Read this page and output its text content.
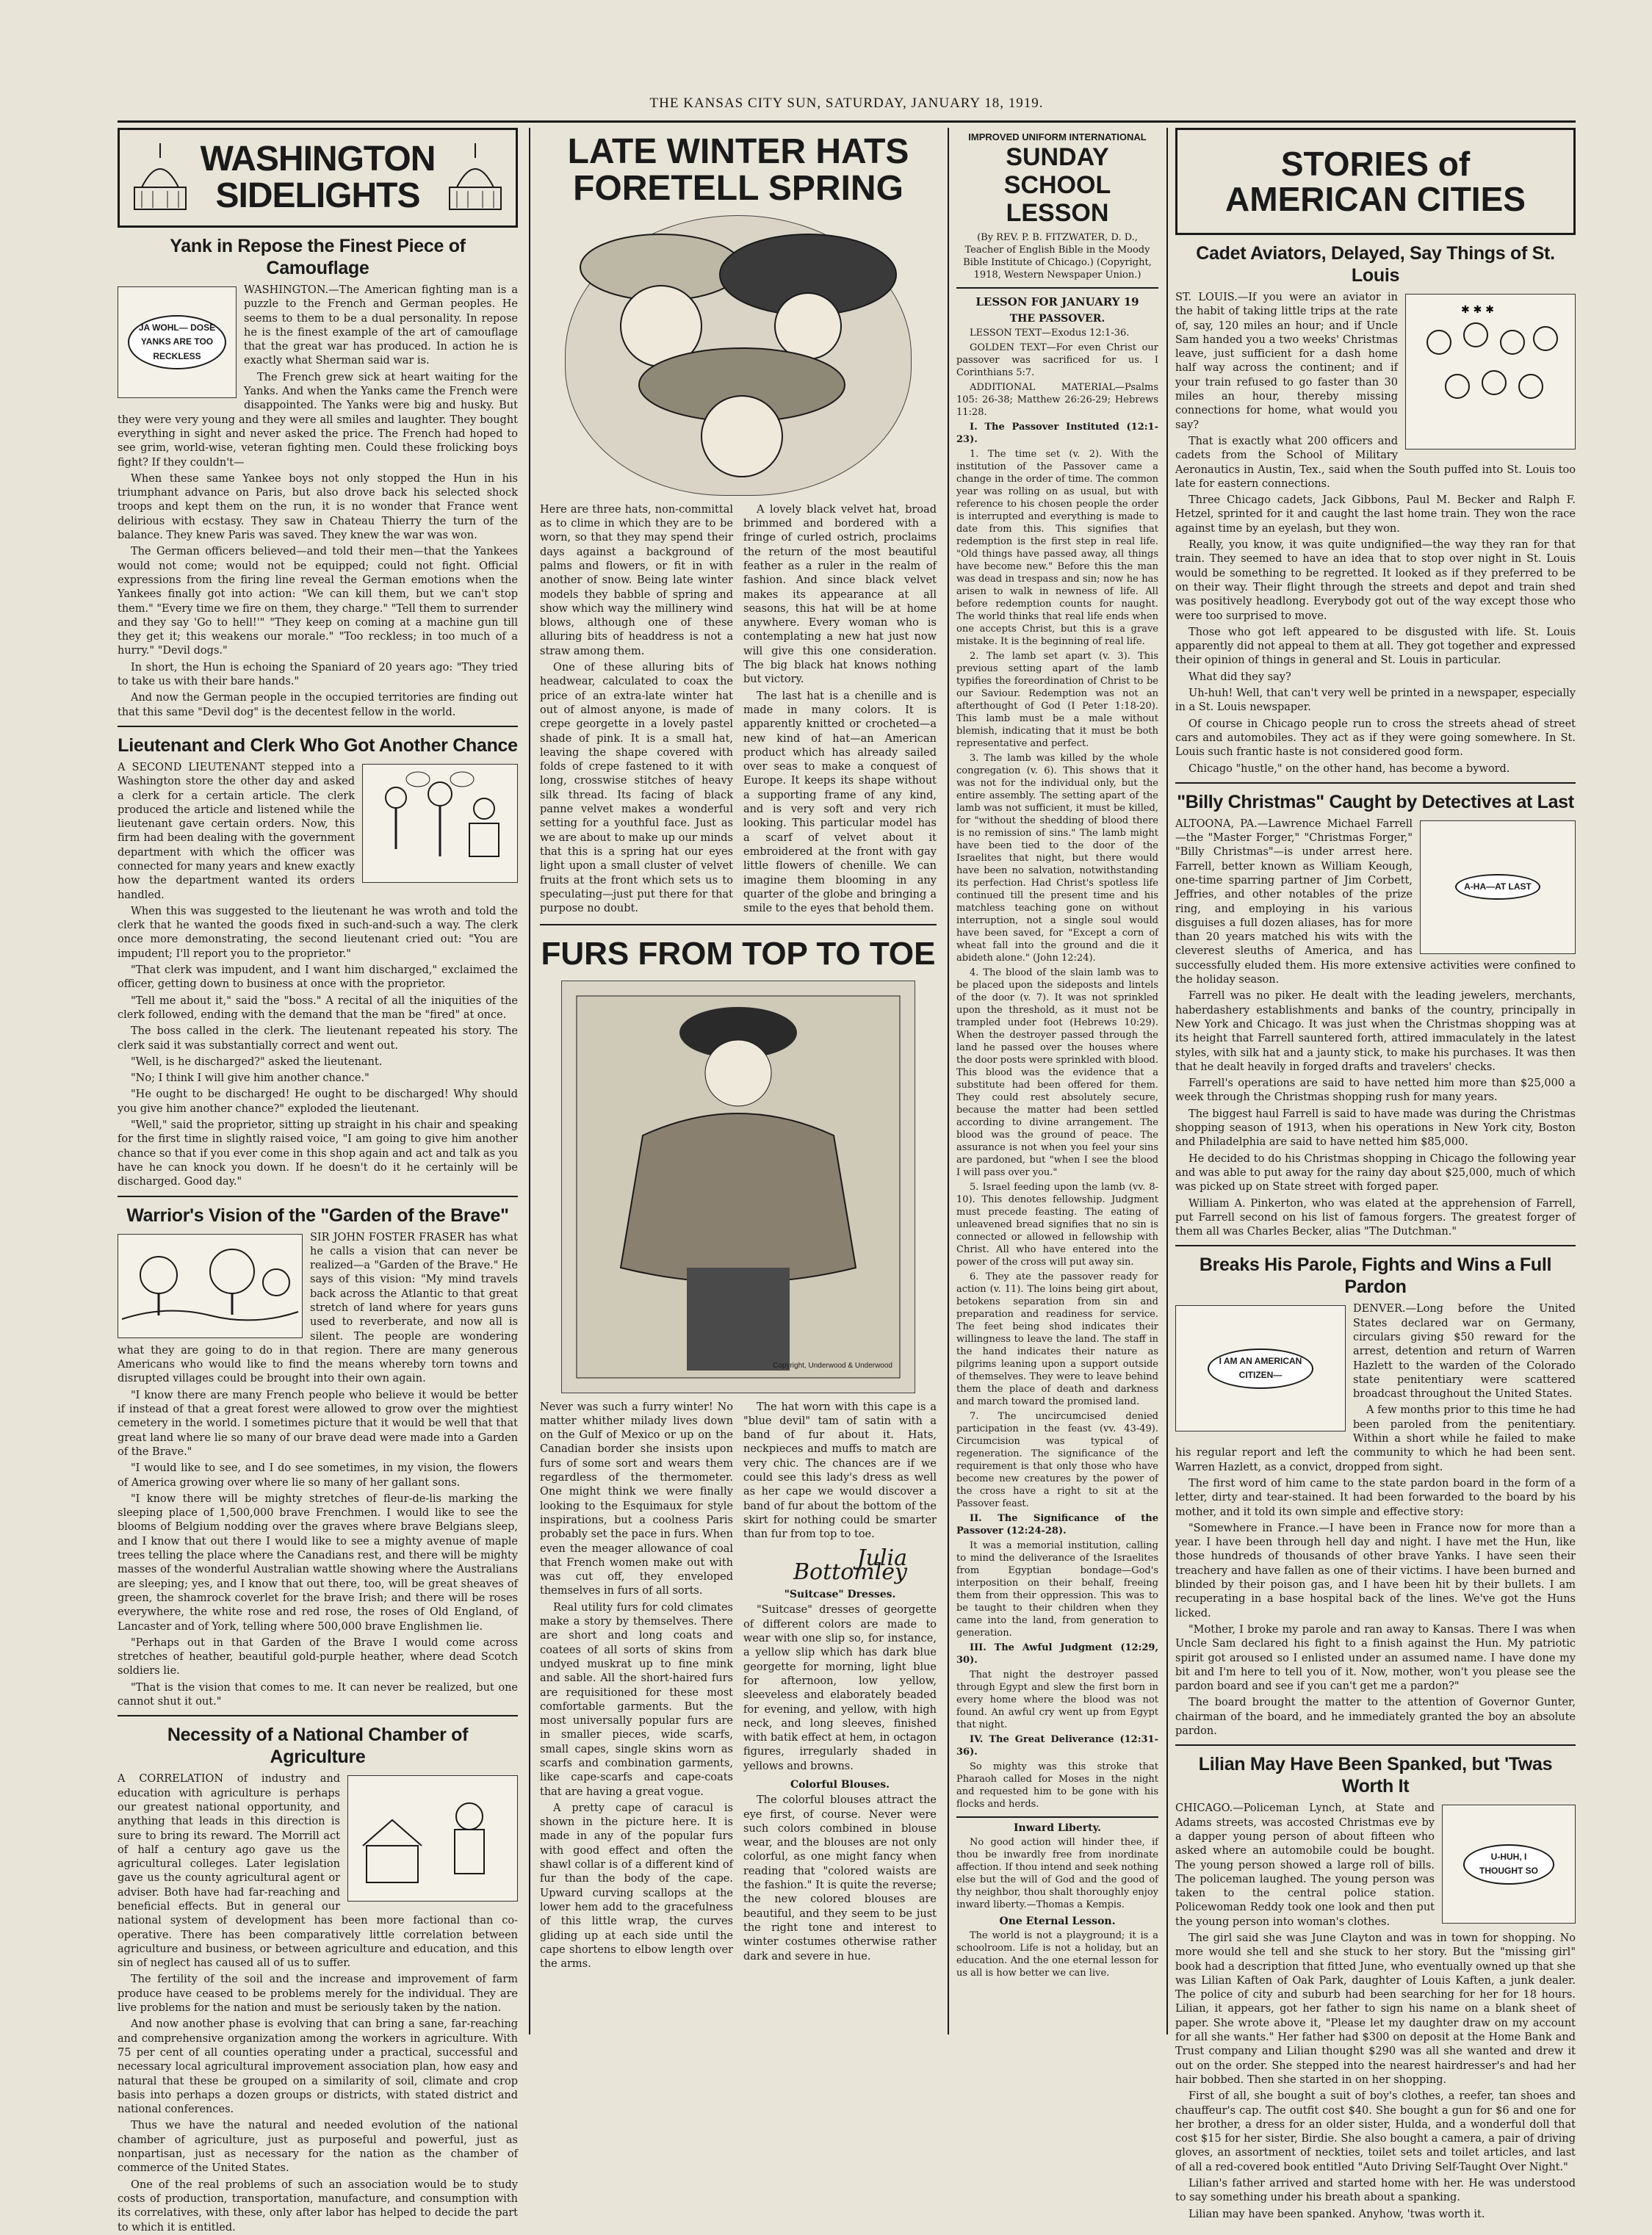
THE KANSAS CITY SUN, SATURDAY, JANUARY 18, 1919.
WASHINGTON SIDELIGHTS
Yank in Repose the Finest Piece of Camouflage
JA WOHL— DOSE YANKS ARE TOO RECKLESS

WASHINGTON.—The American fighting man is a puzzle to the French and German peoples. He seems to them to be a dual personality. In repose he is the finest example of the art of camouflage that the great war has produced. In action he is exactly what Sherman said war is.

The French grew sick at heart waiting for the Yanks. And when the Yanks came the French were disappointed. The Yanks were big and husky. But they were very young and they were all smiles and laughter. They bought everything in sight and never asked the price. The French had hoped to see grim, world-wise, veteran fighting men. Could these frolicking boys fight? If they couldn't—

When these same Yankee boys not only stopped the Hun in his triumphant advance on Paris, but also drove back his selected shock troops and kept them on the run, it is no wonder that France went delirious with ecstasy. They saw in Chateau Thierry the turn of the balance. They knew Paris was saved. They knew the war was won.

The German officers believed—and told their men—that the Yankees would not come; would not be equipped; could not fight. Official expressions from the firing line reveal the German emotions when the Yankees finally got into action: "We can kill them, but we can't stop them." "Every time we fire on them, they charge." "Tell them to surrender and they say 'Go to hell!'" "They keep on coming at a machine gun till they get it; this weakens our morale." "Too reckless; in too much of a hurry." "Devil dogs."

In short, the Hun is echoing the Spaniard of 20 years ago: "They tried to take us with their bare hands."

And now the German people in the occupied territories are finding out that this same "Devil dog" is the decentest fellow in the world.

Lieutenant and Clerk Who Got Another Chance

A SECOND LIEUTENANT stepped into a Washington store the other day and asked a clerk for a certain article. The clerk produced the article and listened while the lieutenant gave certain orders. Now, this firm had been dealing with the government department with which the officer was connected for many years and knew exactly how the department wanted its orders handled.

When this was suggested to the lieutenant he was wroth and told the clerk that he wanted the goods fixed in such-and-such a way. The clerk once more demonstrating, the second lieutenant cried out: "You are impudent; I'll report you to the proprietor."

"That clerk was impudent, and I want him discharged," exclaimed the officer, getting down to business at once with the proprietor.

"Tell me about it," said the "boss." A recital of all the iniquities of the clerk followed, ending with the demand that the man be "fired" at once.

The boss called in the clerk. The lieutenant repeated his story. The clerk said it was substantially correct and went out.

"Well, is he discharged?" asked the lieutenant.

"No; I think I will give him another chance."

"He ought to be discharged! He ought to be discharged! Why should you give him another chance?" exploded the lieutenant.

"Well," said the proprietor, sitting up straight in his chair and speaking for the first time in slightly raised voice, "I am going to give him another chance so that if you ever come in this shop again and act and talk as you have he can knock you down. If he doesn't do it he certainly will be discharged. Good day."

Warrior's Vision of the "Garden of the Brave"

SIR JOHN FOSTER FRASER has what he calls a vision that can never be realized—a "Garden of the Brave." He says of this vision: "My mind travels back across the Atlantic to that great stretch of land where for years guns used to reverberate, and now all is silent. The people are wondering what they are going to do in that region. There are many generous Americans who would like to find the means whereby torn towns and disrupted villages could be brought into their own again.

"I know there are many French people who believe it would be better if instead of that a great forest were allowed to grow over the mightiest cemetery in the world. I sometimes picture that it would be well that that great land where lie so many of our brave dead were made into a Garden of the Brave."

"I would like to see, and I do see sometimes, in my vision, the flowers of America growing over where lie so many of her gallant sons.

"I know there will be mighty stretches of fleur-de-lis marking the sleeping place of 1,500,000 brave Frenchmen. I would like to see the blooms of Belgium nodding over the graves where brave Belgians sleep, and I know that out there I would like to see a mighty avenue of maple trees telling the place where the Canadians rest, and there will be mighty masses of the wonderful Australian wattle showing where the Australians are sleeping; yes, and I know that out there, too, will be great sheaves of green, the shamrock coverlet for the brave Irish; and there will be roses everywhere, the white rose and red rose, the roses of Old England, of Lancaster and of York, telling where 500,000 brave Englishmen lie.

"Perhaps out in that Garden of the Brave I would come across stretches of heather, beautiful gold-purple heather, where dead Scotch soldiers lie.

"That is the vision that comes to me. It can never be realized, but one cannot shut it out."

Necessity of a National Chamber of Agriculture

A CORRELATION of industry and education with agriculture is perhaps our greatest national opportunity, and anything that leads in this direction is sure to bring its reward. The Morrill act of half a century ago gave us the agricultural colleges. Later legislation gave us the county agricultural agent or adviser. Both have had far-reaching and beneficial effects. But in general our national system of development has been more factional than co-operative. There has been comparatively little correlation between agriculture and business, or between agriculture and education, and this sin of neglect has caused all of us to suffer.

The fertility of the soil and the increase and improvement of farm produce have ceased to be problems merely for the individual. They are live problems for the nation and must be seriously taken by the nation.

And now another phase is evolving that can bring a sane, far-reaching and comprehensive organization among the workers in agriculture. With 75 per cent of all counties operating under a practical, successful and necessary local agricultural improvement association plan, how easy and natural that these be grouped on a similarity of soil, climate and crop basis into perhaps a dozen groups or districts, with stated district and national conferences.

Thus we have the natural and needed evolution of the national chamber of agriculture, just as purposeful and powerful, just as nonpartisan, just as necessary for the nation as the chamber of commerce of the United States.

One of the real problems of such an association would be to study costs of production, transportation, manufacture, and consumption with its correlatives, with these, only after labor has helped to decide the part to which it is entitled.

LATE WINTER HATS
FORETELL SPRING

Here are three hats, non-committal as to clime in which they are to be worn, so that they may spend their days against a background of palms and flowers, or fit in with another of snow. Being late winter models they babble of spring and show which way the millinery wind blows, although one of these alluring bits of headdress is not a straw among them.

One of these alluring bits of headwear, calculated to coax the price of an extra-late winter hat out of almost anyone, is made of crepe georgette in a lovely pastel shade of pink. It is a small hat, leaving the shape covered with folds of crepe fastened to it with long, crosswise stitches of heavy silk thread. Its facing of black panne velvet makes a wonderful setting for a youthful face. Just as we are about to make up our minds that this is a spring hat our eyes light upon a small cluster of velvet fruits at the front which sets us to speculating—just put there for that purpose no doubt.

A lovely black velvet hat, broad brimmed and bordered with a fringe of curled ostrich, proclaims the return of the most beautiful feather as a ruler in the realm of fashion. And since black velvet makes its appearance at all seasons, this hat will be at home anywhere. Every woman who is contemplating a new hat just now will give this one consideration. The big black hat knows nothing but victory.

The last hat is a chenille and is made in many colors. It is apparently knitted or crocheted—a new kind of hat—an American product which has already sailed over seas to make a conquest of Europe. It keeps its shape without a supporting frame of any kind, and is very soft and very rich looking. This particular model has a scarf of velvet about it embroidered at the front with gay little flowers of chenille. We can imagine them blooming in any quarter of the globe and bringing a smile to the eyes that behold them.

FURS FROM TOP TO TOE
Copyright, Underwood & Underwood

Never was such a furry winter! No matter whither milady lives down on the Gulf of Mexico or up on the Canadian border she insists upon furs of some sort and wears them regardless of the thermometer. One might think we were finally looking to the Esquimaux for style inspirations, but a coolness Paris probably set the pace in furs. When even the meager allowance of coal that French women make out with was cut off, they enveloped themselves in furs of all sorts.

Real utility furs for cold climates make a story by themselves. There are short and long coats and coatees of all sorts of skins from undyed muskrat up to fine mink and sable. All the short-haired furs are requisitioned for these most comfortable garments. But the most universally popular furs are in smaller pieces, wide scarfs, small capes, single skins worn as scarfs and combination garments, like cape-scarfs and cape-coats that are having a great vogue.

A pretty cape of caracul is shown in the picture here. It is made in any of the popular furs with good effect and often the shawl collar is of a different kind of fur than the body of the cape. Upward curving scallops at the lower hem add to the gracefulness of this little wrap, the curves gliding up at each side until the cape shortens to elbow length over the arms.

The hat worn with this cape is a "blue devil" tam of satin with a band of fur about it. Hats, neckpieces and muffs to match are very chic. The chances are if we could see this lady's dress as well as her cape we would discover a band of fur about the bottom of the skirt for nothing could be smarter than fur from top to toe.

Julia Bottomley
"Suitcase" Dresses.

"Suitcase" dresses of georgette of different colors are made to wear with one slip so, for instance, a yellow slip which has dark blue georgette for morning, light blue for afternoon, low yellow, sleeveless and elaborately beaded for evening, and yellow, with high neck, and long sleeves, finished with batik effect at hem, in octagon figures, irregularly shaded in yellows and browns.

Colorful Blouses.

The colorful blouses attract the eye first, of course. Never were such colors combined in blouse wear, and the blouses are not only colorful, as one might fancy when reading that "colored waists are the fashion." It is quite the reverse; the new colored blouses are beautiful, and they seem to be just the right tone and interest to winter costumes otherwise rather dark and severe in hue.

IMPROVED UNIFORM INTERNATIONAL
SUNDAY SCHOOL
LESSON

(By REV. P. B. FITZWATER, D. D., Teacher of English Bible in the Moody Bible Institute of Chicago.) (Copyright, 1918, Western Newspaper Union.)

LESSON FOR JANUARY 19
THE PASSOVER.

LESSON TEXT—Exodus 12:1-36.

GOLDEN TEXT—For even Christ our passover was sacrificed for us. I Corinthians 5:7.

ADDITIONAL MATERIAL—Psalms 105: 26-38; Matthew 26:26-29; Hebrews 11:28.

I. The Passover Instituted (12:1-23).

1. The time set (v. 2). With the institution of the Passover came a change in the order of time. The common year was rolling on as usual, but with reference to his chosen people the order is interrupted and everything is made to date from this. This signifies that redemption is the first step in real life. "Old things have passed away, all things have become new." Before this the man was dead in trespass and sin; now he has arisen to walk in newness of life. All before redemption counts for naught. The world thinks that real life ends when one accepts Christ, but this is a grave mistake. It is the beginning of real life.

2. The lamb set apart (v. 3). This previous setting apart of the lamb typifies the foreordination of Christ to be our Saviour. Redemption was not an afterthought of God (I Peter 1:18-20). This lamb must be a male without blemish, indicating that it must be both representative and perfect.

3. The lamb was killed by the whole congregation (v. 6). This shows that it was not for the individual only, but the entire assembly. The setting apart of the lamb was not sufficient, it must be killed, for "without the shedding of blood there is no remission of sins." The lamb might have been tied to the door of the Israelites that night, but there would have been no salvation, notwithstanding its perfection. Had Christ's spotless life continued till the present time and his matchless teaching gone on without interruption, not a single soul would have been saved, for "Except a corn of wheat fall into the ground and die it abideth alone." (John 12:24).

4. The blood of the slain lamb was to be placed upon the sideposts and lintels of the door (v. 7). It was not sprinkled upon the threshold, as it must not be trampled under foot (Hebrews 10:29). When the destroyer passed through the land he passed over the houses where the door posts were sprinkled with blood. This blood was the evidence that a substitute had been offered for them. They could rest absolutely secure, because the matter had been settled according to divine arrangement. The blood was the ground of peace. The assurance is not when you feel your sins are pardoned, but "when I see the blood I will pass over you."

5. Israel feeding upon the lamb (vv. 8-10). This denotes fellowship. Judgment must precede feasting. The eating of unleavened bread signifies that no sin is connected or allowed in fellowship with Christ. All who have entered into the power of the cross will put away sin.

6. They ate the passover ready for action (v. 11). The loins being girt about, betokens separation from sin and preparation and readiness for service. The feet being shod indicates their willingness to leave the land. The staff in the hand indicates their nature as pilgrims leaning upon a support outside of themselves. They were to leave behind them the place of death and darkness and march toward the promised land.

7. The uncircumcised denied participation in the feast (vv. 43-49). Circumcision was typical of regeneration. The significance of the requirement is that only those who have become new creatures by the power of the cross have a right to sit at the Passover feast.

II. The Significance of the Passover (12:24-28).

It was a memorial institution, calling to mind the deliverance of the Israelites from Egyptian bondage—God's interposition on their behalf, freeing them from their oppression. This was to be taught to their children when they came into the land, from generation to generation.

III. The Awful Judgment (12:29, 30).

That night the destroyer passed through Egypt and slew the first born in every home where the blood was not found. An awful cry went up from Egypt that night.

IV. The Great Deliverance (12:31-36).

So mighty was this stroke that Pharaoh called for Moses in the night and requested him to be gone with his flocks and herds.

Inward Liberty.

No good action will hinder thee, if thou be inwardly free from inordinate affection. If thou intend and seek nothing else but the will of God and the good of thy neighbor, thou shalt thoroughly enjoy inward liberty.—Thomas a Kempis.

One Eternal Lesson.

The world is not a playground; it is a schoolroom. Life is not a holiday, but an education. And the one eternal lesson for us all is how better we can live.

STORIES of
AMERICAN CITIES
Cadet Aviators, Delayed, Say Things of St. Louis
✱ ✱ ✱

ST. LOUIS.—If you were an aviator in the habit of taking little trips at the rate of, say, 120 miles an hour; and if Uncle Sam handed you a two weeks' Christmas leave, just sufficient for a dash home half way across the continent; and if your train refused to go faster than 30 miles an hour, thereby missing connections for home, what would you say?

That is exactly what 200 officers and cadets from the School of Military Aeronautics in Austin, Tex., said when the South puffed into St. Louis too late for eastern connections.

Three Chicago cadets, Jack Gibbons, Paul M. Becker and Ralph F. Hetzel, sprinted for it and caught the last home train. They won the race against time by an eyelash, but they won.

Really, you know, it was quite undignified—the way they ran for that train. They seemed to have an idea that to stop over night in St. Louis would be something to be regretted. It looked as if they preferred to be on their way. Their flight through the streets and depot and train shed was positively headlong. Everybody got out of the way except those who were too surprised to move.

Those who got left appeared to be disgusted with life. St. Louis apparently did not appeal to them at all. They got together and expressed their opinion of things in general and St. Louis in particular.

What did they say?

Uh-huh! Well, that can't very well be printed in a newspaper, especially in a St. Louis newspaper.

Of course in Chicago people run to cross the streets ahead of street cars and automobiles. They act as if they were going somewhere. In St. Louis such frantic haste is not considered good form.

Chicago "hustle," on the other hand, has become a byword.

"Billy Christmas" Caught by Detectives at Last
A-HA—AT LAST

ALTOONA, PA.—Lawrence Michael Farrell—the "Master Forger," "Christmas Forger," "Billy Christmas"—is under arrest here. Farrell, better known as William Keough, one-time sparring partner of Jim Corbett, Jeffries, and other notables of the prize ring, and employing in his various disguises a full dozen aliases, has for more than 20 years matched his wits with the cleverest sleuths of America, and has successfully eluded them. His more extensive activities were confined to the holiday season.

Farrell was no piker. He dealt with the leading jewelers, merchants, haberdashery establishments and banks of the country, principally in New York and Chicago. It was just when the Christmas shopping was at its height that Farrell sauntered forth, attired immaculately in the latest styles, with silk hat and a jaunty stick, to make his purchases. It was then that he dealt heavily in forged drafts and travelers' checks.

Farrell's operations are said to have netted him more than $25,000 a week through the Christmas shopping rush for many years.

The biggest haul Farrell is said to have made was during the Christmas shopping season of 1913, when his operations in New York city, Boston and Philadelphia are said to have netted him $85,000.

He decided to do his Christmas shopping in Chicago the following year and was able to put away for the rainy day about $25,000, much of which was picked up on State street with forged paper.

William A. Pinkerton, who was elated at the apprehension of Farrell, put Farrell second on his list of famous forgers. The greatest forger of them all was Charles Becker, alias "The Dutchman."

Breaks His Parole, Fights and Wins a Full Pardon
I AM AN AMERICAN CITIZEN—

DENVER.—Long before the United States declared war on Germany, circulars giving $50 reward for the arrest, detention and return of Warren Hazlett to the warden of the Colorado state penitentiary were scattered broadcast throughout the United States.

A few months prior to this time he had been paroled from the penitentiary. Within a short while he failed to make his regular report and left the community to which he had been sent. Warren Hazlett, as a convict, dropped from sight.

The first word of him came to the state pardon board in the form of a letter, dirty and tear-stained. It had been forwarded to the board by his mother, and it told its own simple and effective story:

"Somewhere in France.—I have been in France now for more than a year. I have been through hell day and night. I have met the Hun, like those hundreds of thousands of other brave Yanks. I have seen their treachery and have fallen as one of their victims. I have been burned and blinded by their poison gas, and I have been hit by their bullets. I am recuperating in a base hospital back of the lines. We've got the Huns licked.

"Mother, I broke my parole and ran away to Kansas. There I was when Uncle Sam declared his fight to a finish against the Hun. My patriotic spirit got aroused so I enlisted under an assumed name. I have done my bit and I'm here to tell you of it. Now, mother, won't you please see the pardon board and see if you can't get me a pardon?"

The board brought the matter to the attention of Governor Gunter, chairman of the board, and he immediately granted the boy an absolute pardon.

Lilian May Have Been Spanked, but 'Twas Worth It
U-HUH, I THOUGHT SO

CHICAGO.—Policeman Lynch, at State and Adams streets, was accosted Christmas eve by a dapper young person of about fifteen who asked where an automobile could be bought. The young person showed a large roll of bills. The policeman laughed. The young person was taken to the central police station. Policewoman Reddy took one look and then put the young person into woman's clothes.

The girl said she was June Clayton and was in town for shopping. No more would she tell and she stuck to her story. But the "missing girl" book had a description that fitted June, who eventually owned up that she was Lilian Kaften of Oak Park, daughter of Louis Kaften, a junk dealer. The police of city and suburb had been searching for her for 18 hours. Lilian, it appears, got her father to sign his name on a blank sheet of paper. She wrote above it, "Please let my daughter draw on my account for all she wants." Her father had $300 on deposit at the Home Bank and Trust company and Lilian thought $290 was all she wanted and drew it out on the order. She stepped into the nearest hairdresser's and had her hair bobbed. Then she started in on her shopping.

First of all, she bought a suit of boy's clothes, a reefer, tan shoes and chauffeur's cap. The outfit cost $40. She bought a gun for $6 and one for her brother, a dress for an older sister, Hulda, and a wonderful doll that cost $15 for her sister, Birdie. She also bought a camera, a pair of driving gloves, an assortment of neckties, toilet sets and toilet articles, and last of all a red-covered book entitled "Auto Driving Self-Taught Over Night."

Lilian's father arrived and started home with her. He was understood to say something under his breath about a spanking.

Lilian may have been spanked. Anyhow, 'twas worth it.
